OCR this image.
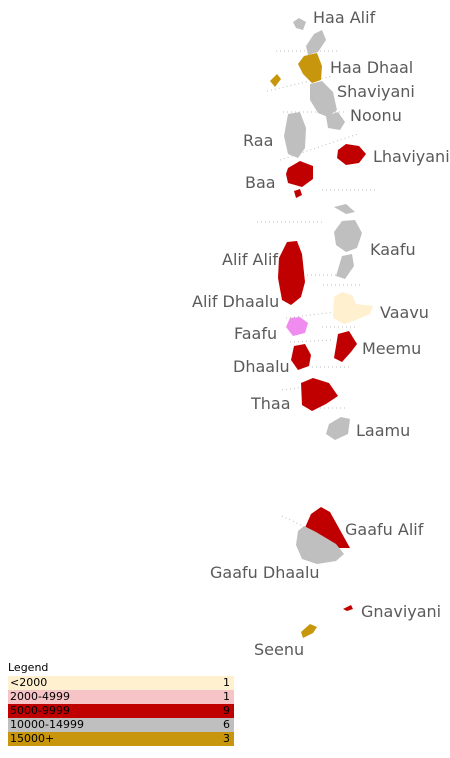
Haa Alif
Haa Dhaal
Shaviyani
Noonu
Raa
Lhaviyani
Baa
Kaafu
Alif Alif
Alif Dhaalu
Vaavu
Faafu
Meemu
Dhaalu
Thaa
Laamu
Gaafu Alif
Gaafu Dhaalu
Gnaviyani
Seenu
Legend
<2000	1
2000-4999	1
5000-9999	9
10000-14999	6
15000+	3
